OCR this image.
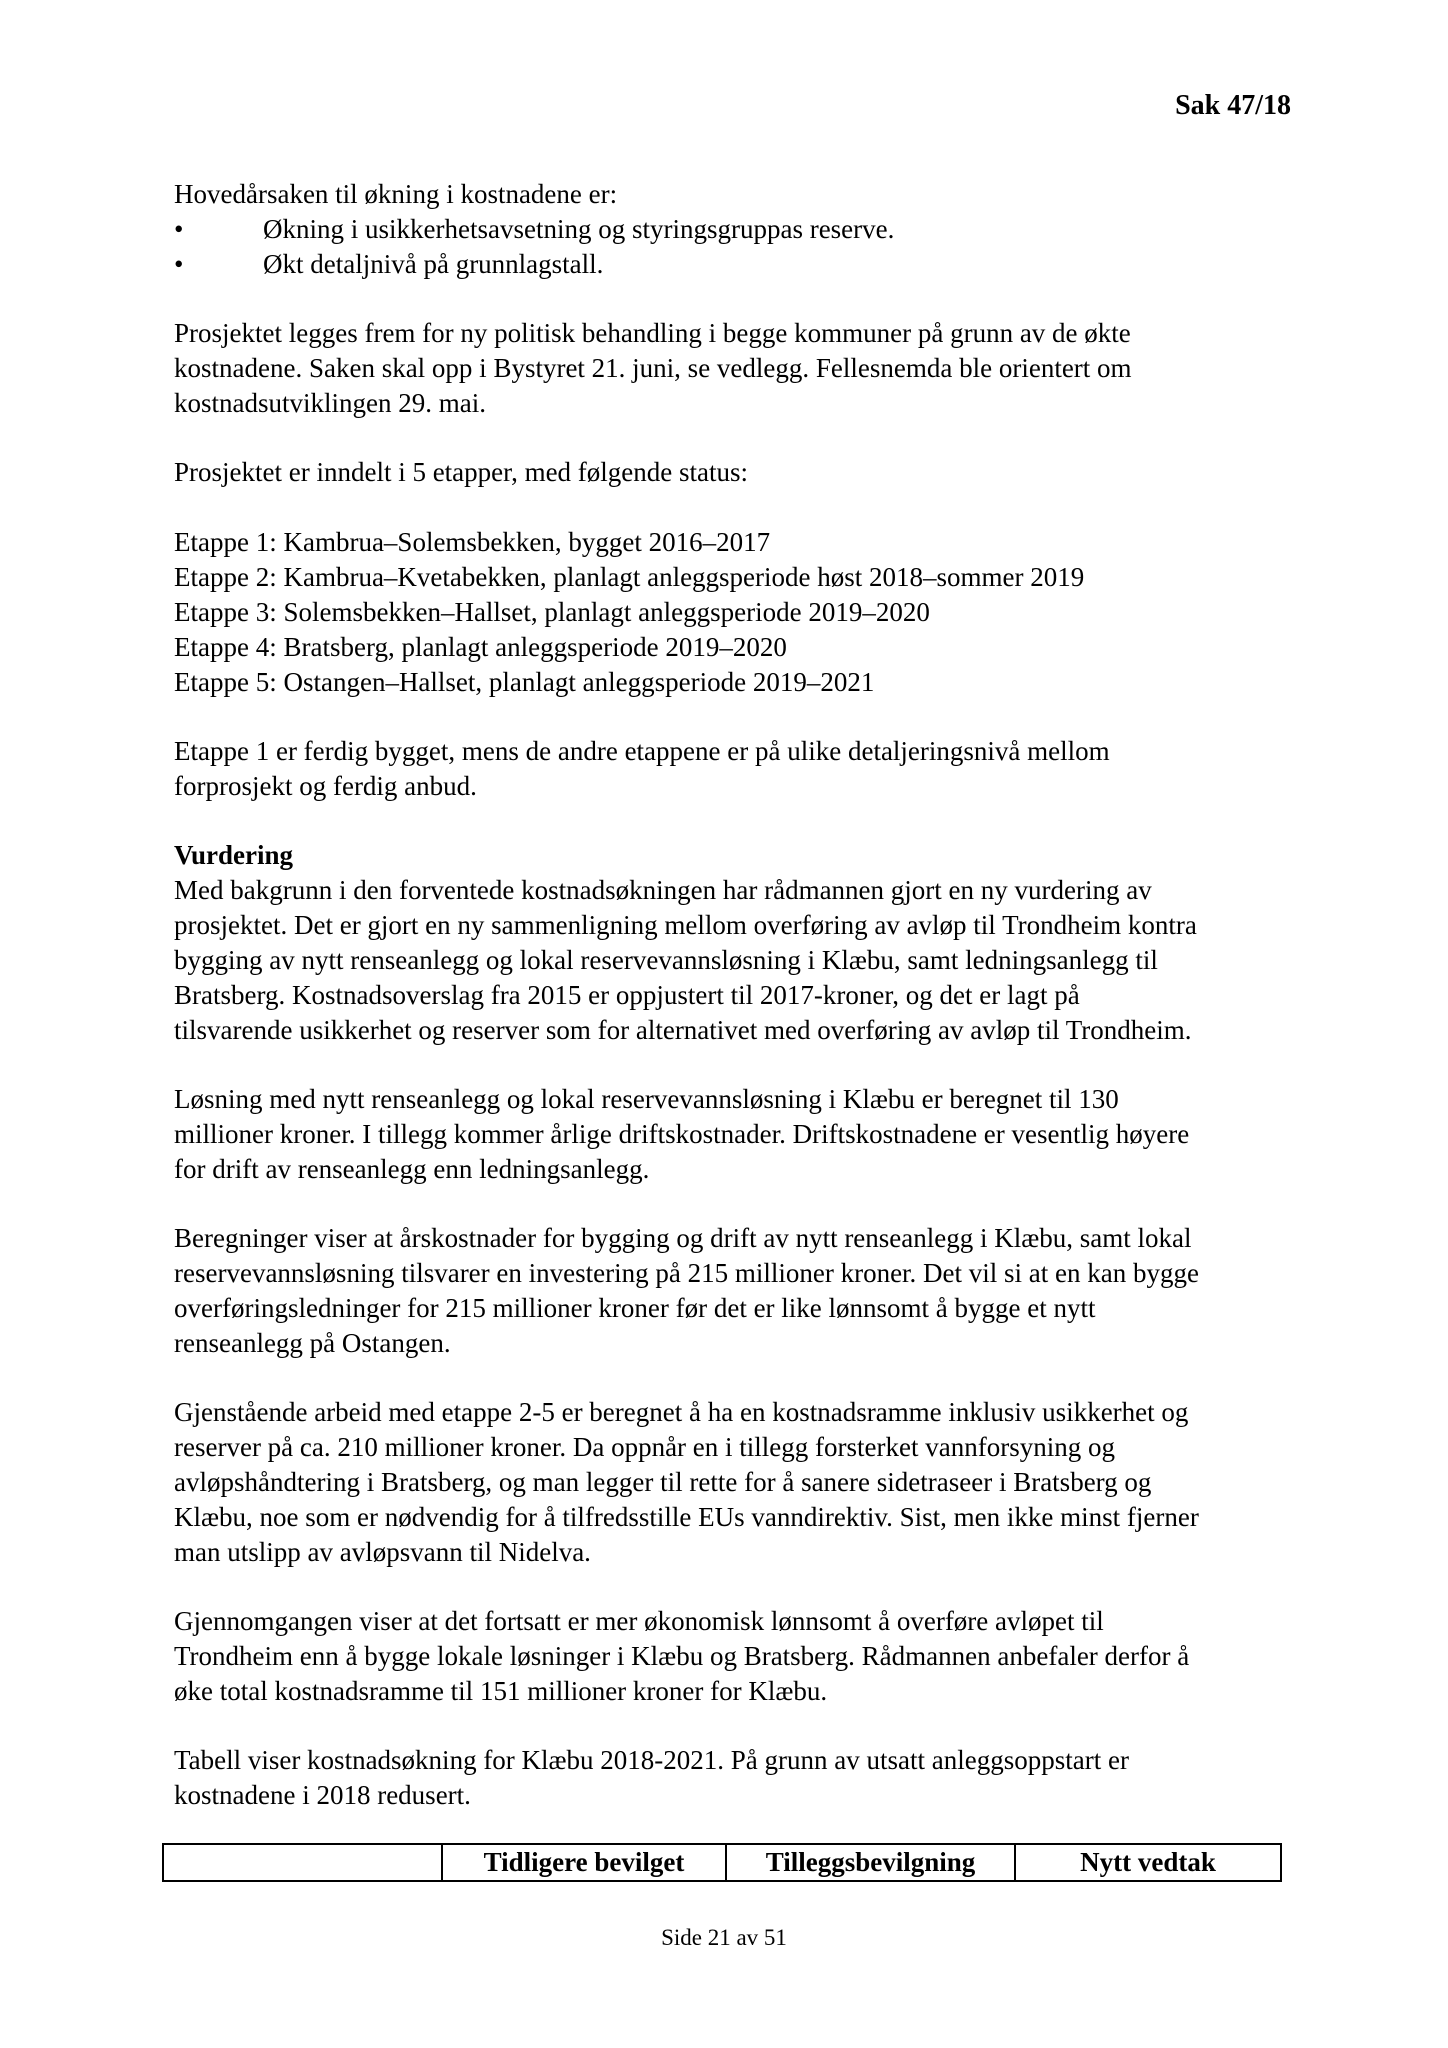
Sak 47/18
Hovedårsaken til økning i kostnadene er:
•	Økning i usikkerhetsavsetning og styringsgruppas reserve.
•	Økt detaljnivå på grunnlagstall.
Prosjektet legges frem for ny politisk behandling i begge kommuner på grunn av de økte
kostnadene. Saken skal opp i Bystyret 21. juni, se vedlegg. Fellesnemda ble orientert om
kostnadsutviklingen 29. mai.
Prosjektet er inndelt i 5 etapper, med følgende status:
Etappe 1: Kambrua–Solemsbekken, bygget 2016–2017
Etappe 2: Kambrua–Kvetabekken, planlagt anleggsperiode høst 2018–sommer 2019
Etappe 3: Solemsbekken–Hallset, planlagt anleggsperiode 2019–2020
Etappe 4: Bratsberg, planlagt anleggsperiode 2019–2020
Etappe 5: Ostangen–Hallset, planlagt anleggsperiode 2019–2021
Etappe 1 er ferdig bygget, mens de andre etappene er på ulike detaljeringsnivå mellom
forprosjekt og ferdig anbud.
Vurdering
Med bakgrunn i den forventede kostnadsøkningen har rådmannen gjort en ny vurdering av
prosjektet. Det er gjort en ny sammenligning mellom overføring av avløp til Trondheim kontra
bygging av nytt renseanlegg og lokal reservevannsløsning i Klæbu, samt ledningsanlegg til
Bratsberg. Kostnadsoverslag fra 2015 er oppjustert til 2017-kroner, og det er lagt på
tilsvarende usikkerhet og reserver som for alternativet med overføring av avløp til Trondheim.
Løsning med nytt renseanlegg og lokal reservevannsløsning i Klæbu er beregnet til 130
millioner kroner. I tillegg kommer årlige driftskostnader. Driftskostnadene er vesentlig høyere
for drift av renseanlegg enn ledningsanlegg.
Beregninger viser at årskostnader for bygging og drift av nytt renseanlegg i Klæbu, samt lokal
reservevannsløsning tilsvarer en investering på 215 millioner kroner. Det vil si at en kan bygge
overføringsledninger for 215 millioner kroner før det er like lønnsomt å bygge et nytt
renseanlegg på Ostangen.
Gjenstående arbeid med etappe 2-5 er beregnet å ha en kostnadsramme inklusiv usikkerhet og
reserver på ca. 210 millioner kroner. Da oppnår en i tillegg forsterket vannforsyning og
avløpshåndtering i Bratsberg, og man legger til rette for å sanere sidetraseer i Bratsberg og
Klæbu, noe som er nødvendig for å tilfredsstille EUs vanndirektiv. Sist, men ikke minst fjerner
man utslipp av avløpsvann til Nidelva.
Gjennomgangen viser at det fortsatt er mer økonomisk lønnsomt å overføre avløpet til
Trondheim enn å bygge lokale løsninger i Klæbu og Bratsberg. Rådmannen anbefaler derfor å
øke total kostnadsramme til 151 millioner kroner for Klæbu.
Tabell viser kostnadsøkning for Klæbu 2018-2021. På grunn av utsatt anleggsoppstart er
kostnadene i 2018 redusert.
	Tidligere bevilget	Tilleggsbevilgning	Nytt vedtak
Side 21 av 51
